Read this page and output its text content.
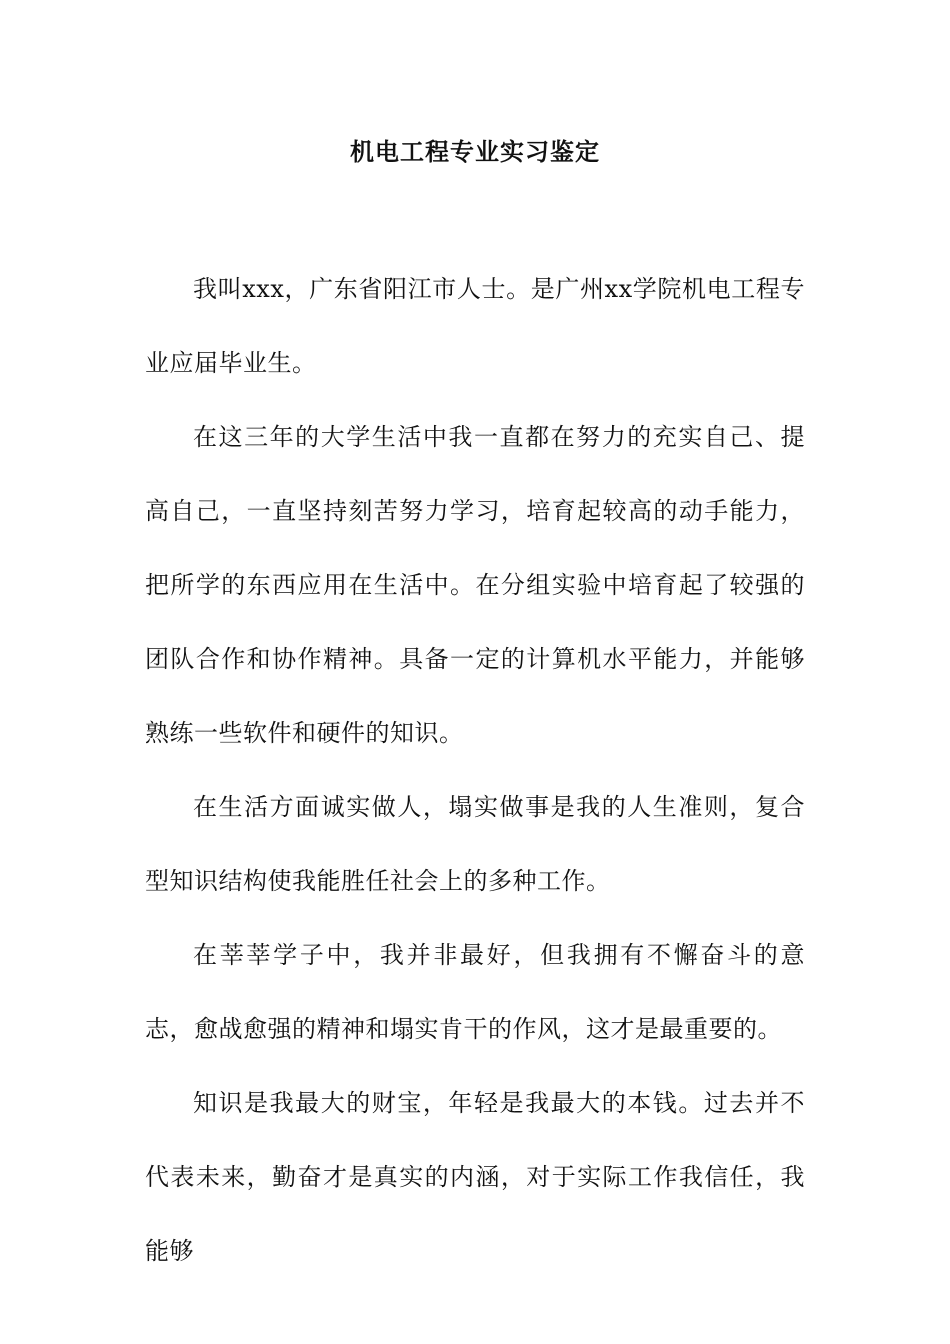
机电工程专业实习鉴定

我叫xxx，广东省阳江市人士。是广州xx学院机电工程专业应届毕业生。

在这三年的大学生活中我一直都在努力的充实自己、提高自己，一直坚持刻苦努力学习，培育起较高的动手能力，把所学的东西应用在生活中。在分组实验中培育起了较强的团队合作和协作精神。具备一定的计算机水平能力，并能够熟练一些软件和硬件的知识。

在生活方面诚实做人，塌实做事是我的人生准则，复合型知识结构使我能胜任社会上的多种工作。

在莘莘学子中，我并非最好，但我拥有不懈奋斗的意志，愈战愈强的精神和塌实肯干的作风，这才是最重要的。

知识是我最大的财宝，年轻是我最大的本钱。过去并不代表未来，勤奋才是真实的内涵，对于实际工作我信任，我能够
